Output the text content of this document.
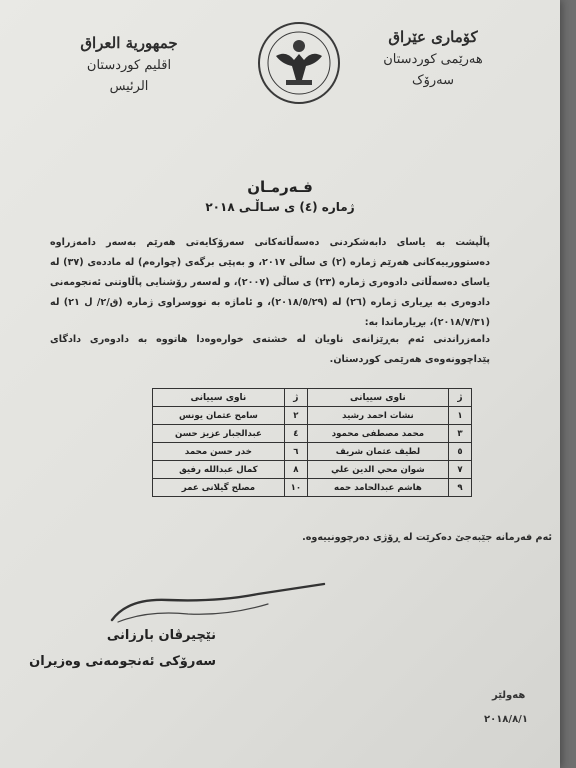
جمهورية العراق
اقليم كوردستان
الرئيس
كۆماری عێراق
هەرێمی كوردستان
سەرۆک
فـەرمـان
ژمارە (٤) ی سـاڵـی ٢٠١٨
پاڵپشت بە یاسای دابەشکردنی دەسەڵاتەکانی سەرۆکایەتی هەرێم بەسەر دامەزراوە دەستوورییەکانی هەرێم ژمارە (٢) ی ساڵی ٢٠١٧، و بەپێی برگەی (چوارەم) لە ماددەی (٣٧) لە یاسای دەسەڵاتی دادوەری ژمارە (٢٣) ی ساڵی (٢٠٠٧)، و لەسەر رۆشنایی پاڵاوتنی ئەنجومەنی دادوەری بە بڕیاری ژمارە (٢٦) لە (٢٠١٨/٥/٢٩)، و ئاماژە بە نووسراوی ژمارە (ق/٢/ ل ٢١) لە (٢٠١٨/٧/٣١)، بڕیارماندا بە:
دامەزراندنی ئەم بەڕێزانەی ناویان لە خشتەی خوارەوەدا هاتووە بە دادوەری دادگای پێداچوونەوەی هەرێمی کوردستان.
ژ	ناوی سییانی	ژ	ناوی سییانی
١	نشات احمد رشيد	٢	سامح عثمان يونس
٣	محمد مصطفى محمود	٤	عبدالجبار عزيز حسن
٥	لطيف عثمان شريف	٦	خدر حسن محمد
٧	شوان محي الدين علي	٨	كمال عبدالله رفيق
٩	هاشم عبدالحامد حمه	١٠	مصلح گيلانى عمر
ئەم فەرمانە جێبەجێ دەکرێت لە ڕۆژی دەرچوونییەوە.
نێچیرڤان بارزانی
سەرۆکی ئەنجومەنی وەزیران
هەولێر
٢٠١٨/٨/١
